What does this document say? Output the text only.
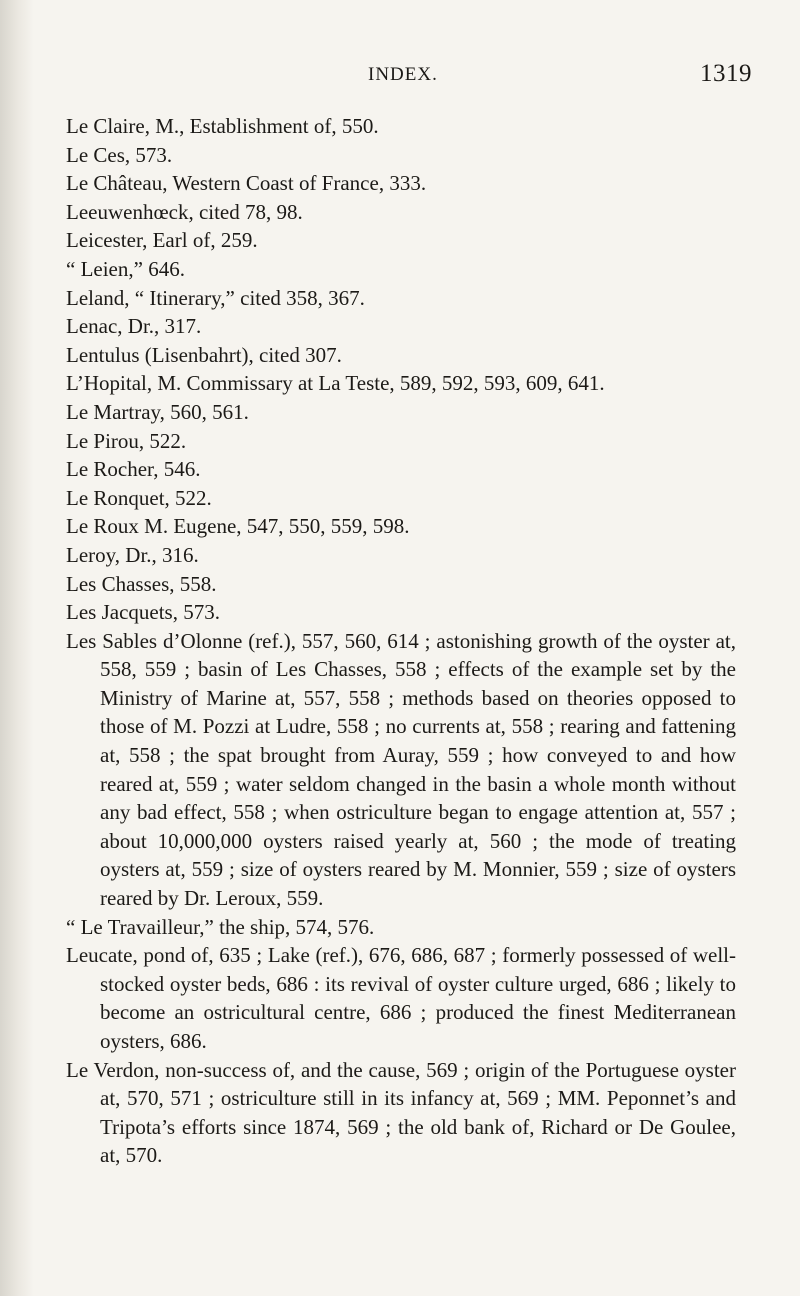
INDEX.	1319

Le Claire, M., Establishment of, 550.

Le Ces, 573.

Le Château, Western Coast of France, 333.

Leeuwenhœck, cited 78, 98.

Leicester, Earl of, 259.

“ Leien,” 646.

Leland, “ Itinerary,” cited 358, 367.

Lenac, Dr., 317.

Lentulus (Lisenbahrt), cited 307.

L’Hopital, M. Commissary at La Teste, 589, 592, 593, 609, 641.

Le Martray, 560, 561.

Le Pirou, 522.

Le Rocher, 546.

Le Ronquet, 522.

Le Roux M. Eugene, 547, 550, 559, 598.

Leroy, Dr., 316.

Les Chasses, 558.

Les Jacquets, 573.

Les Sables d’Olonne (ref.), 557, 560, 614 ; astonishing growth of the oyster at, 558, 559 ; basin of Les Chasses, 558 ; effects of the example set by the Ministry of Marine at, 557, 558 ; methods based on theories opposed to those of M. Pozzi at Ludre, 558 ; no currents at, 558 ; rearing and fattening at, 558 ; the spat brought from Auray, 559 ; how conveyed to and how reared at, 559 ; water seldom changed in the basin a whole month without any bad effect, 558 ; when ostriculture began to engage attention at, 557 ; about 10,000,000 oysters raised yearly at, 560 ; the mode of treating oysters at, 559 ; size of oysters reared by M. Monnier, 559 ; size of oysters reared by Dr. Leroux, 559.

“ Le Travailleur,” the ship, 574, 576.

Leucate, pond of, 635 ; Lake (ref.), 676, 686, 687 ; formerly possessed of well-stocked oyster beds, 686 : its revival of oyster culture urged, 686 ; likely to become an ostricultural centre, 686 ; produced the finest Mediterranean oysters, 686.

Le Verdon, non-success of, and the cause, 569 ; origin of the Portuguese oyster at, 570, 571 ; ostriculture still in its infancy at, 569 ; MM. Peponnet’s and Tripota’s efforts since 1874, 569 ; the old bank of, Richard or De Goulee, at, 570.
